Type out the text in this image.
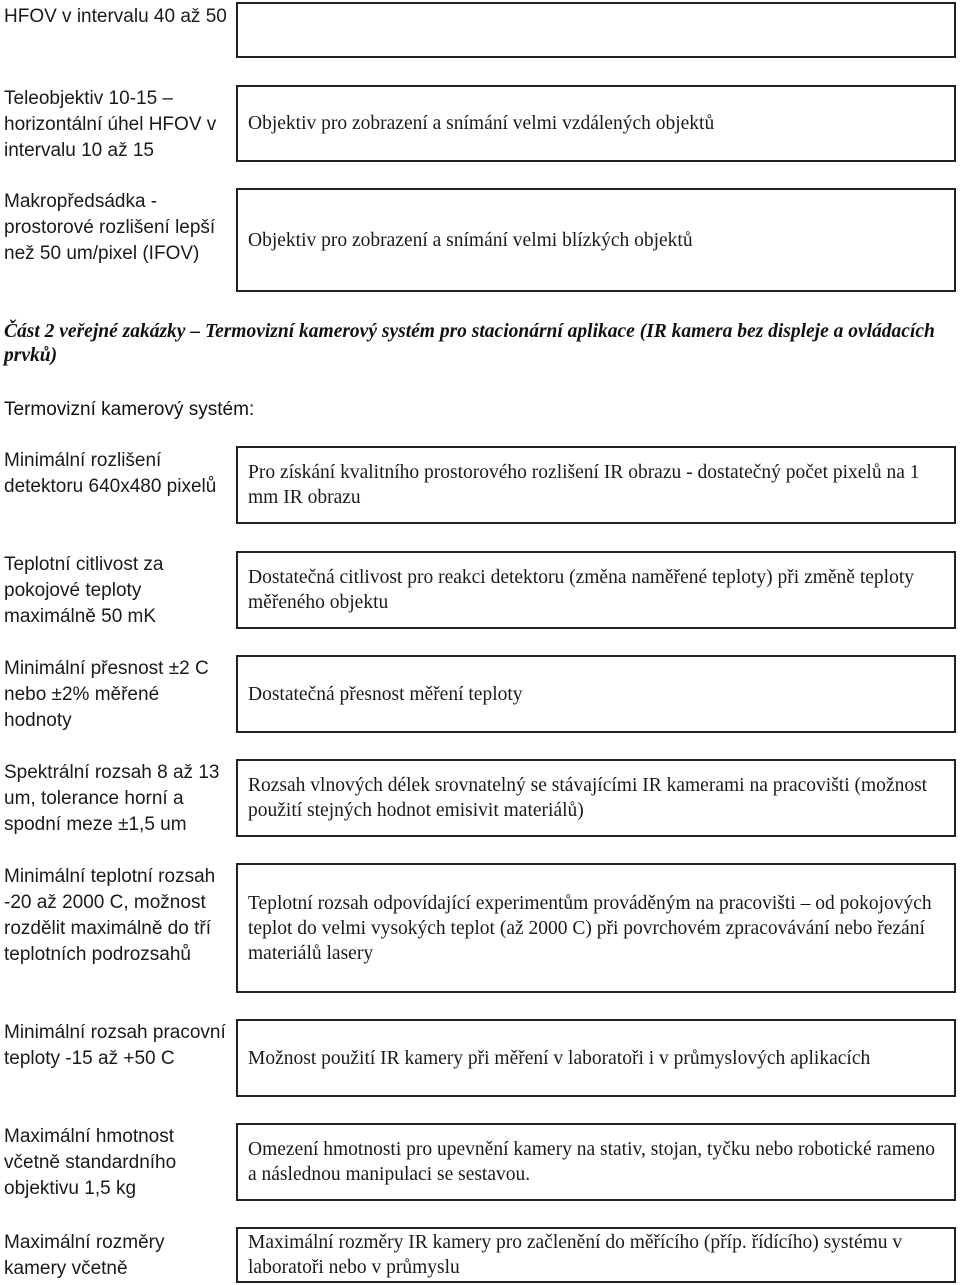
HFOV v intervalu 40 až 50
Teleobjektiv 10-15 – horizontální úhel HFOV v intervalu 10 až 15
Objektiv pro zobrazení a snímání velmi vzdálených objektů
Makropředsádka - prostorové rozlišení lepší než 50 um/pixel (IFOV)
Objektiv pro zobrazení a snímání velmi blízkých objektů
Část 2 veřejné zakázky – Termovizní kamerový systém pro stacionární aplikace (IR kamera bez displeje a ovládacích prvků)
Termovizní kamerový systém:
Minimální rozlišení detektoru 640x480 pixelů
Pro získání kvalitního prostorového rozlišení IR obrazu - dostatečný počet pixelů na 1 mm IR obrazu
Teplotní citlivost za pokojové teploty maximálně 50 mK
Dostatečná citlivost pro reakci detektoru (změna naměřené teploty) při změně teploty měřeného objektu
Minimální přesnost ±2 C nebo ±2% měřené hodnoty
Dostatečná přesnost měření teploty
Spektrální rozsah 8 až 13 um, tolerance horní a spodní meze ±1,5 um
Rozsah vlnových délek srovnatelný se stávajícími IR kamerami na pracovišti (možnost použití stejných hodnot emisivit materiálů)
Minimální teplotní rozsah -20 až 2000 C, možnost rozdělit maximálně do tří teplotních podrozsahů
Teplotní rozsah odpovídající experimentům prováděným na pracovišti – od pokojových teplot do velmi vysokých teplot (až 2000 C) při povrchovém zpracovávání nebo řezání materiálů lasery
Minimální rozsah pracovní teploty -15 až +50 C	Možnost použití IR kamery při měření v laboratoři i v průmyslových aplikacích
Maximální hmotnost včetně standardního objektivu 1,5 kg
Omezení hmotnosti pro upevnění kamery na stativ, stojan, tyčku nebo robotické rameno a následnou manipulaci se sestavou.
Maximální rozměry kamery včetně
Maximální rozměry IR kamery pro začlenění do měřícího (příp. řídícího) systému v laboratoři nebo v průmyslu
